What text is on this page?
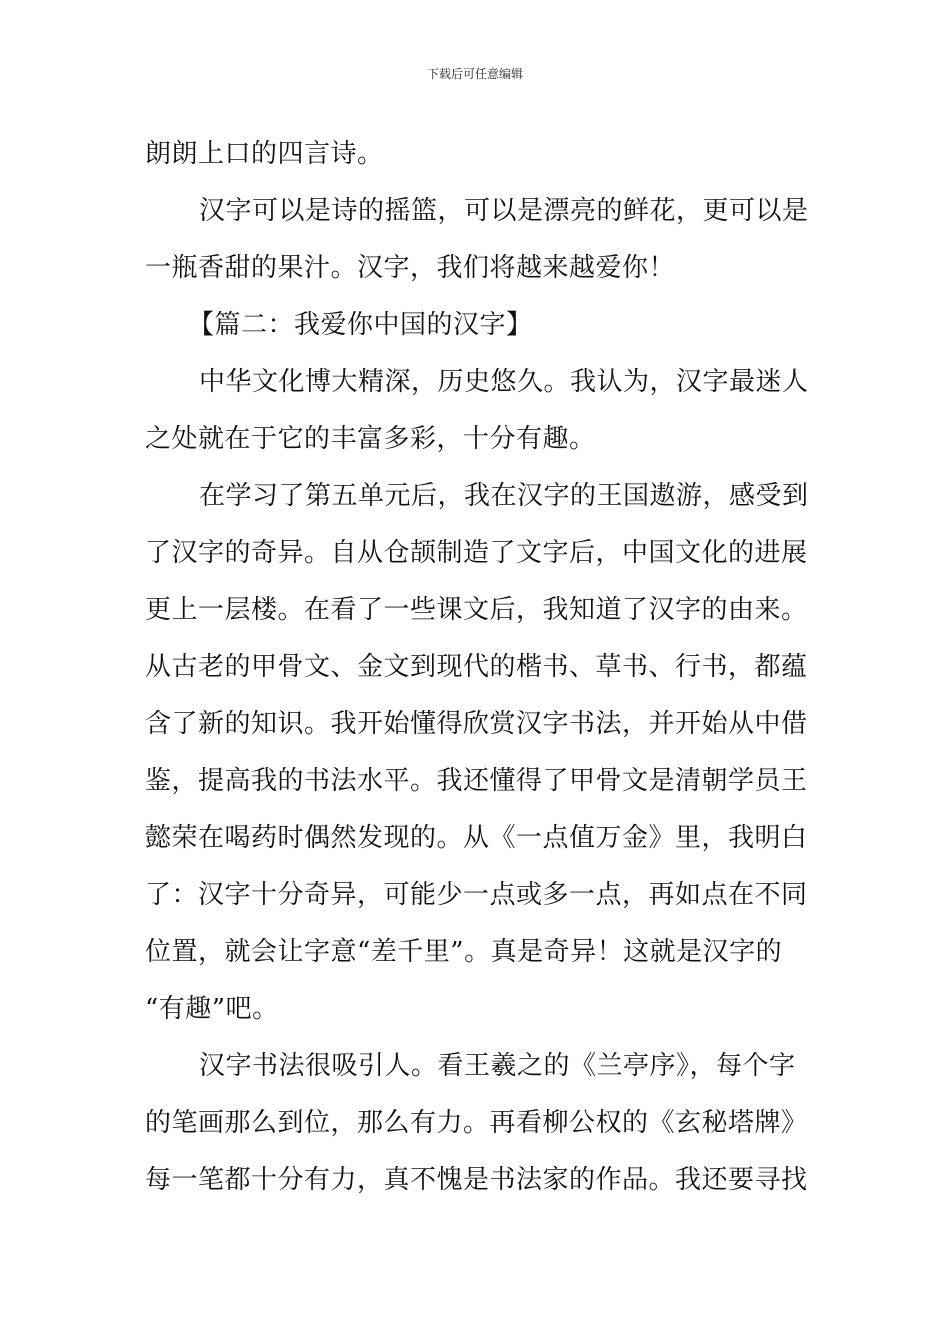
下载后可任意编辑

朗朗上口的四言诗。

汉字可以是诗的摇篮，可以是漂亮的鲜花，更可以是
一瓶香甜的果汁。汉字，我们将越来越爱你！

【篇二：我爱你中国的汉字】

中华文化博大精深，历史悠久。我认为，汉字最迷人
之处就在于它的丰富多彩，十分有趣。

在学习了第五单元后，我在汉字的王国遨游，感受到
了汉字的奇异。自从仓颉制造了文字后，中国文化的进展
更上一层楼。在看了一些课文后，我知道了汉字的由来。
从古老的甲骨文、金文到现代的楷书、草书、行书，都蕴
含了新的知识。我开始懂得欣赏汉字书法，并开始从中借
鉴，提高我的书法水平。我还懂得了甲骨文是清朝学员王
懿荣在喝药时偶然发现的。从《一点值万金》里，我明白
了：汉字十分奇异，可能少一点或多一点，再如点在不同
位置，就会让字意“差千里”。真是奇异！这就是汉字的
“有趣”吧。

汉字书法很吸引人。看王羲之的《兰亭序》，每个字
的笔画那么到位，那么有力。再看柳公权的《玄秘塔牌》
每一笔都十分有力，真不愧是书法家的作品。我还要寻找
